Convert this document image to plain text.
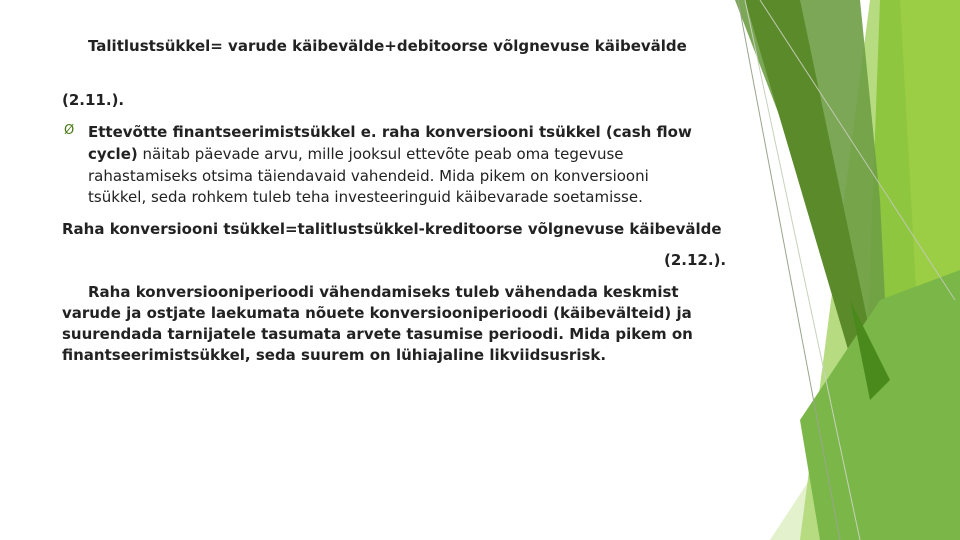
Talitlustsükkel= varude käibevälde+debitoorse võlgnevuse käibevälde
(2.11.).
Ø Ettevõtte finantseerimistsükkel e. raha konversiooni tsükkel (cash flow
cycle) näitab päevade arvu, mille jooksul ettevõte peab oma tegevuse
rahastamiseks otsima täiendavaid vahendeid. Mida pikem on konversiooni
tsükkel, seda rohkem tuleb teha investeeringuid käibevarade soetamisse.
Raha konversiooni tsükkel=talitlustsükkel-kreditoorse võlgnevuse käibevälde
(2.12.).
Raha konversiooniperioodi vähendamiseks tuleb vähendada keskmist
varude ja ostjate laekumata nõuete konversiooniperioodi (käibevälteid) ja
suurendada tarnijatele tasumata arvete tasumise perioodi. Mida pikem on
finantseerimistsükkel, seda suurem on lühiajaline likviidsusrisk.
